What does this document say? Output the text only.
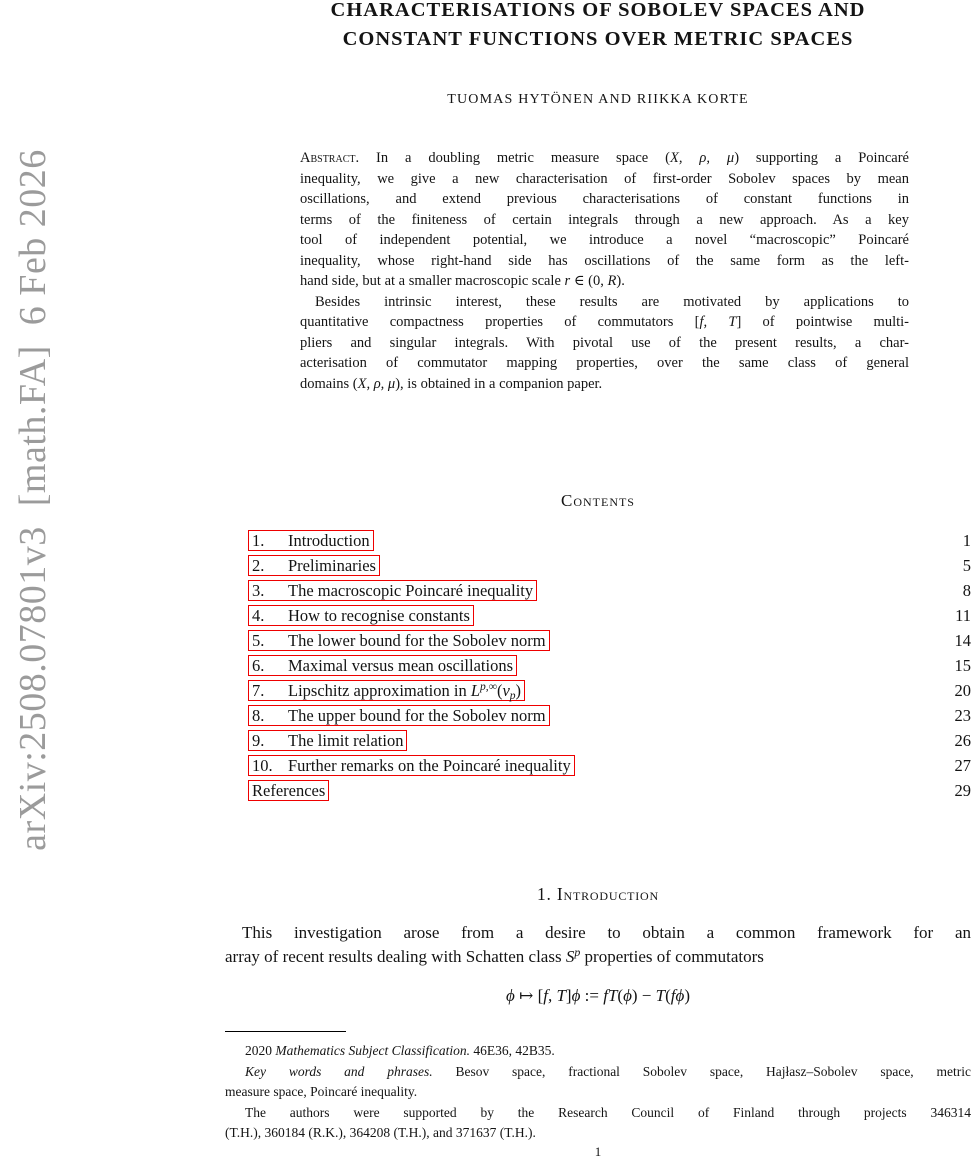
arXiv:2508.07801v3  [math.FA]  6 Feb 2026
CHARACTERISATIONS OF SOBOLEV SPACES AND
CONSTANT FUNCTIONS OVER METRIC SPACES
TUOMAS HYTÖNEN AND RIIKKA KORTE
Abstract. In a doubling metric measure space (X, ρ, μ) supporting a Poincaré
inequality, we give a new characterisation of first-order Sobolev spaces by mean
oscillations, and extend previous characterisations of constant functions in
terms of the finiteness of certain integrals through a new approach. As a key
tool of independent potential, we introduce a novel “macroscopic” Poincaré
inequality, whose right-hand side has oscillations of the same form as the left-
hand side, but at a smaller macroscopic scale r ∈ (0, R).
Besides intrinsic interest, these results are motivated by applications to
quantitative compactness properties of commutators [f, T] of pointwise multi-
pliers and singular integrals. With pivotal use of the present results, a char-
acterisation of commutator mapping properties, over the same class of general
domains (X, ρ, μ), is obtained in a companion paper.
Contents
1. Introduction	1
2. Preliminaries	5
3. The macroscopic Poincaré inequality	8
4. How to recognise constants	11
5. The lower bound for the Sobolev norm	14
6. Maximal versus mean oscillations	15
7. Lipschitz approximation in $L^{p,\infty}(\nu_p)$	20
8. The upper bound for the Sobolev norm	23
9. The limit relation	26
10. Further remarks on the Poincaré inequality	27
References	29
1. Introduction
This investigation arose from a desire to obtain a common framework for an
array of recent results dealing with Schatten class $S^p$ properties of commutators
ϕ ↦ [f, T]ϕ := fT(ϕ) − T(fϕ)
2020 Mathematics Subject Classification. 46E36, 42B35.
Key words and phrases. Besov space, fractional Sobolev space, Hajłasz–Sobolev space, metric
measure space, Poincaré inequality.
The authors were supported by the Research Council of Finland through projects 346314
(T.H.), 360184 (R.K.), 364208 (T.H.), and 371637 (T.H.).
1
